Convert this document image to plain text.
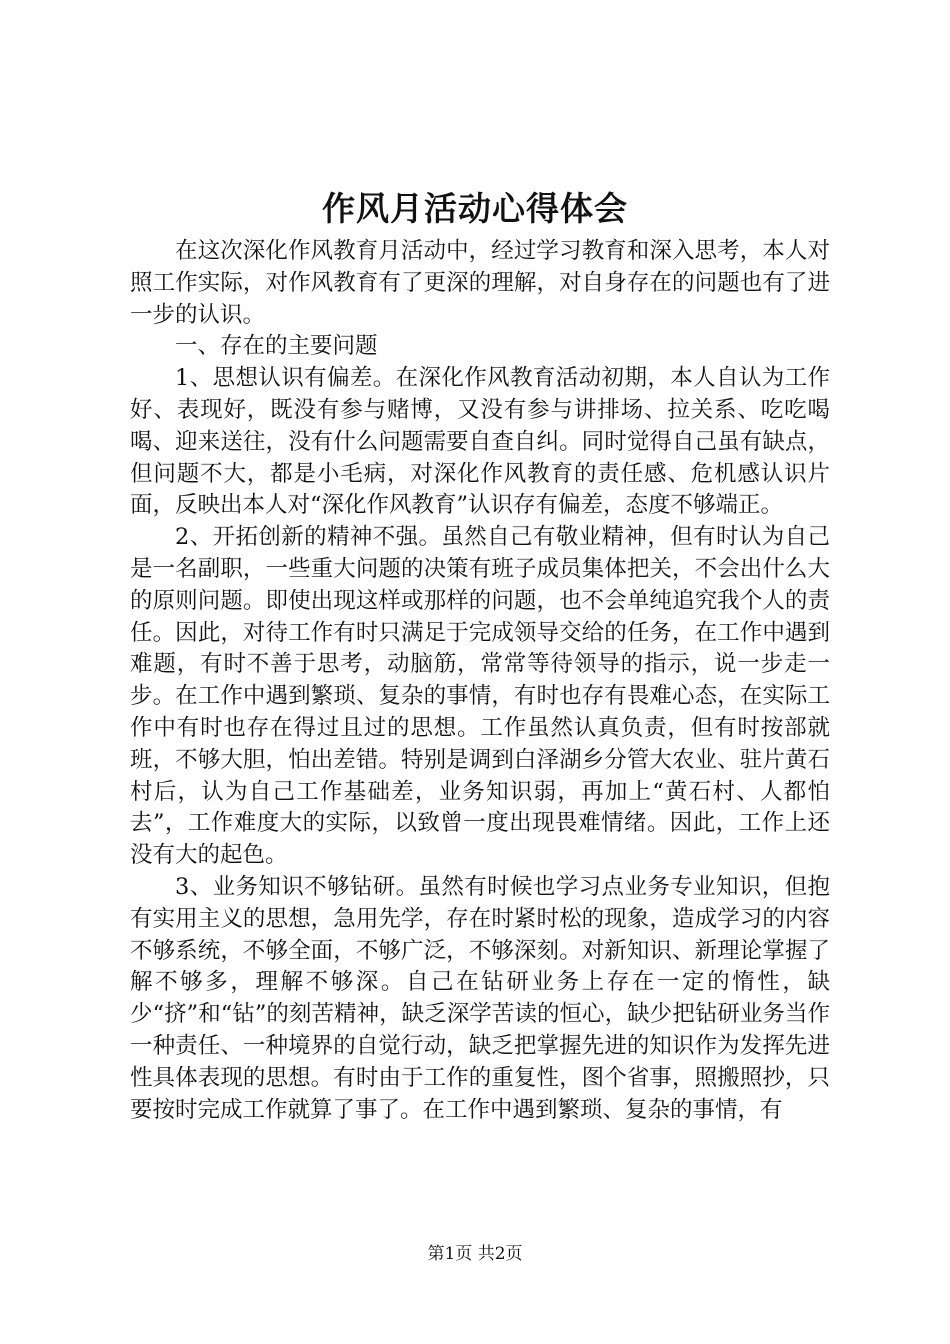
作风月活动心得体会

在这次深化作风教育月活动中，经过学习教育和深入思考，本人对照工作实际，对作风教育有了更深的理解，对自身存在的问题也有了进一步的认识。

一、存在的主要问题

1、思想认识有偏差。在深化作风教育活动初期，本人自认为工作好、表现好，既没有参与赌博，又没有参与讲排场、拉关系、吃吃喝喝、迎来送往，没有什么问题需要自查自纠。同时觉得自己虽有缺点，但问题不大，都是小毛病，对深化作风教育的责任感、危机感认识片面，反映出本人对“深化作风教育”认识存有偏差，态度不够端正。

2、开拓创新的精神不强。虽然自己有敬业精神，但有时认为自己是一名副职，一些重大问题的决策有班子成员集体把关，不会出什么大的原则问题。即使出现这样或那样的问题，也不会单纯追究我个人的责任。因此，对待工作有时只满足于完成领导交给的任务，在工作中遇到难题，有时不善于思考，动脑筋，常常等待领导的指示，说一步走一步。在工作中遇到繁琐、复杂的事情，有时也存有畏难心态，在实际工作中有时也存在得过且过的思想。工作虽然认真负责，但有时按部就班，不够大胆，怕出差错。特别是调到白泽湖乡分管大农业、驻片黄石村后，认为自己工作基础差，业务知识弱，再加上“黄石村、人都怕去”，工作难度大的实际，以致曾一度出现畏难情绪。因此，工作上还没有大的起色。

3、业务知识不够钻研。虽然有时候也学习点业务专业知识，但抱有实用主义的思想，急用先学，存在时紧时松的现象，造成学习的内容不够系统，不够全面，不够广泛，不够深刻。对新知识、新理论掌握了解不够多，理解不够深。自己在钻研业务上存在一定的惰性，缺少“挤”和“钻”的刻苦精神，缺乏深学苦读的恒心，缺少把钻研业务当作一种责任、一种境界的自觉行动，缺乏把掌握先进的知识作为发挥先进性具体表现的思想。有时由于工作的重复性，图个省事，照搬照抄，只要按时完成工作就算了事了。在工作中遇到繁琐、复杂的事情，有

第1页 共2页
